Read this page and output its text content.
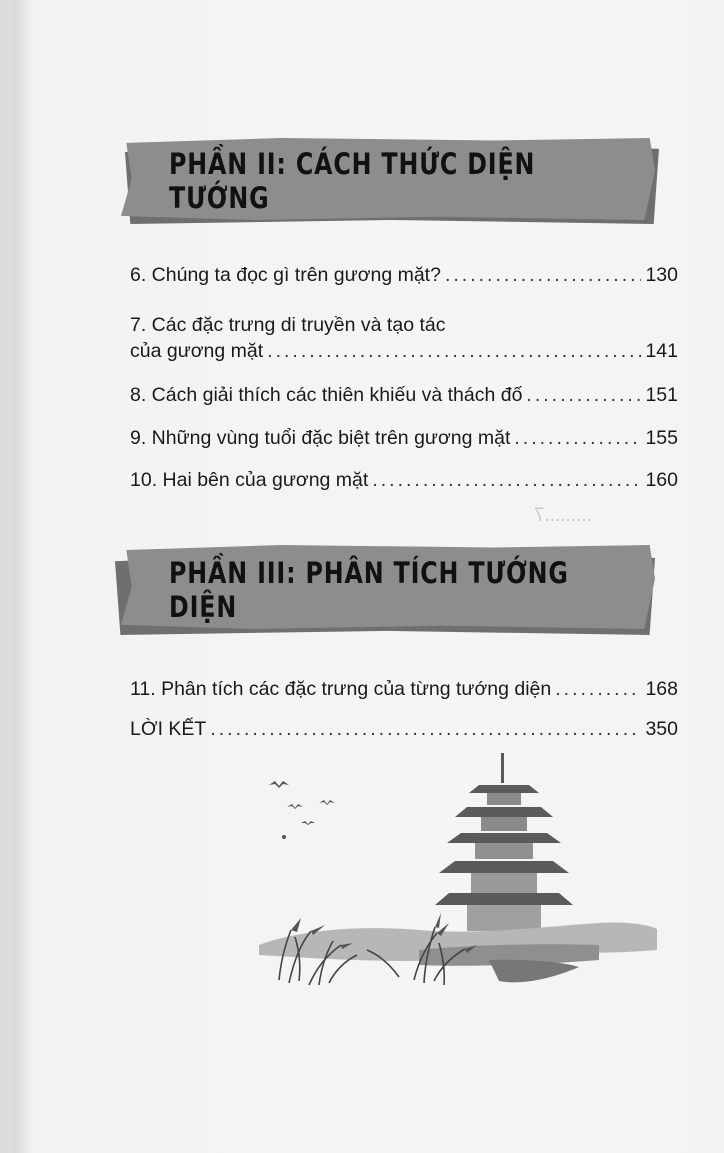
.........7
PHẦN II: CÁCH THỨC DIỆN TƯỚNG
6. Chúng ta đọc gì trên gương mặt? .....	130
7. Các đặc trưng di truyền và tạo tác
của gương mặt .....	141
8. Cách giải thích các thiên khiếu và thách đố .....	151
9. Những vùng tuổi đặc biệt trên gương mặt .....	155
10. Hai bên của gương mặt .....	160
PHẦN III: PHÂN TÍCH TƯỚNG DIỆN
11. Phân tích các đặc trưng của từng tướng diện .....	168
LỜI KẾT .....	350
